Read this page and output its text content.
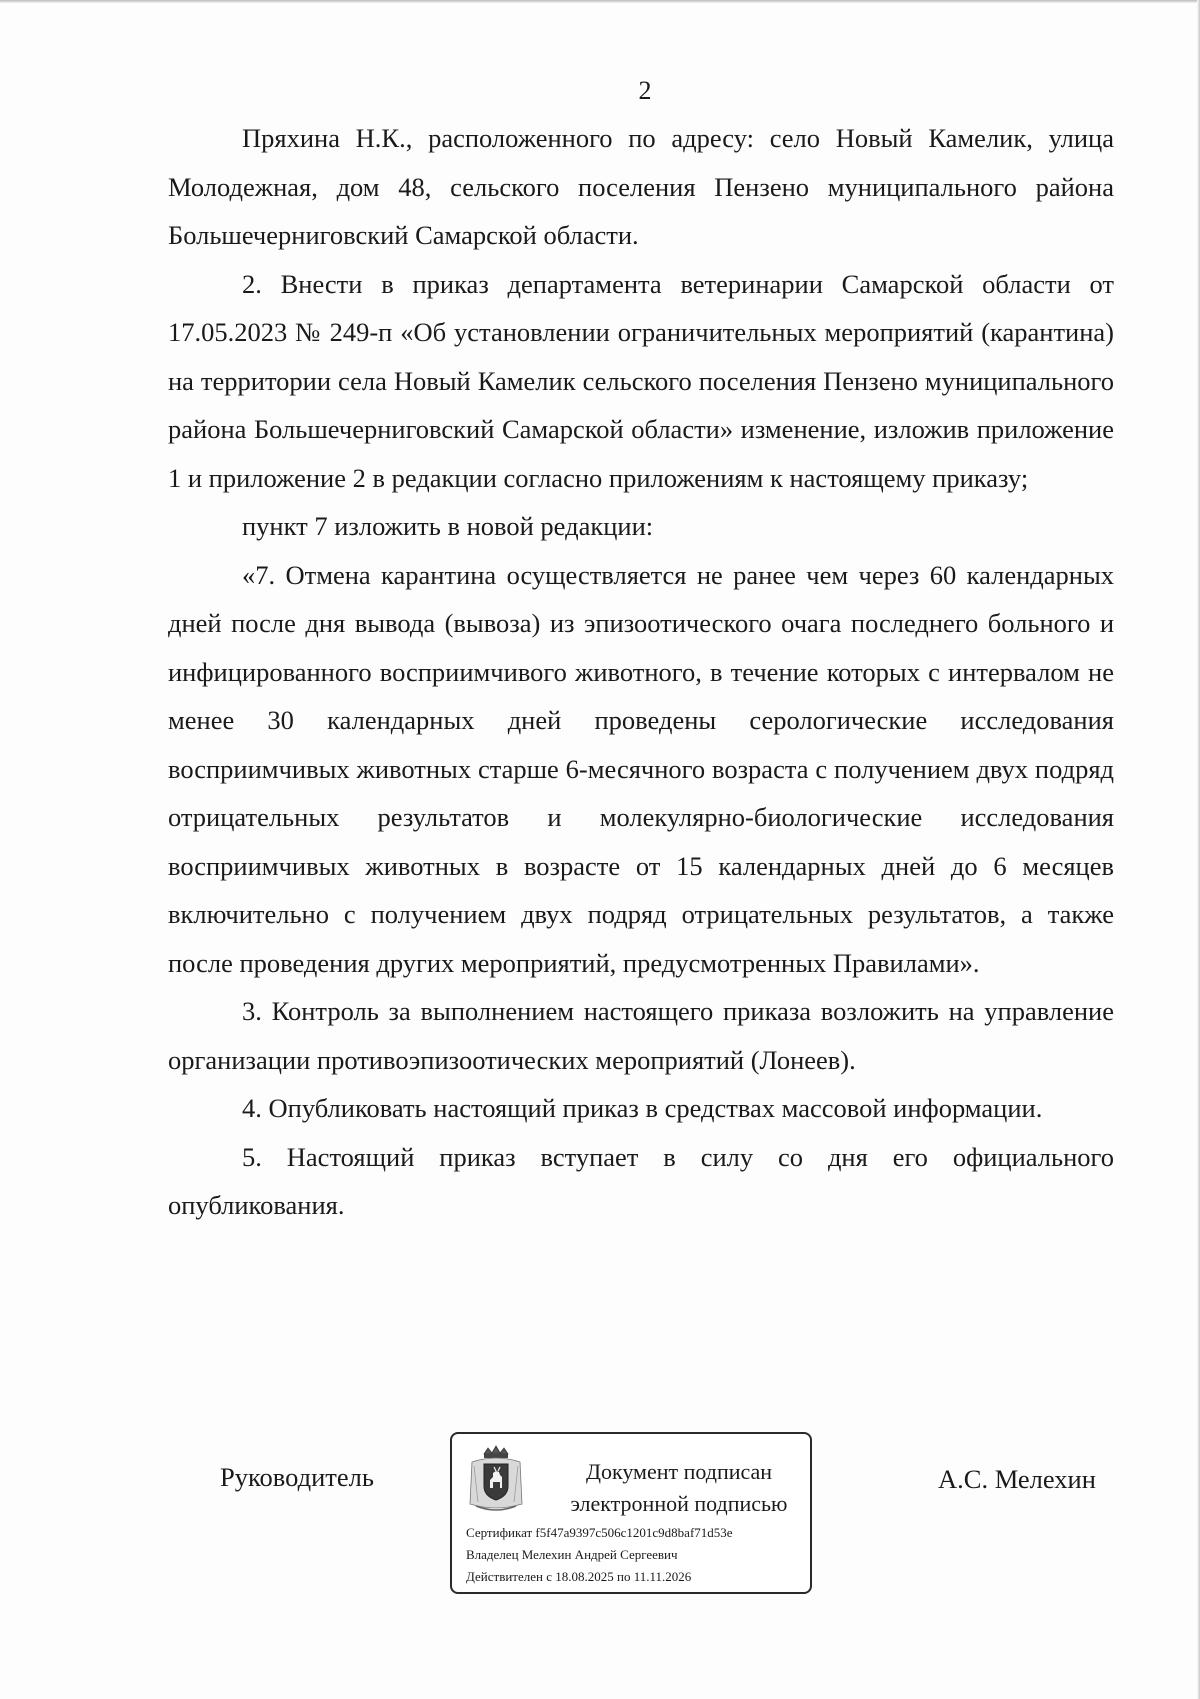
2

Пряхина Н.К., расположенного по адресу: село Новый Камелик, улица Молодежная, дом 48, сельского поселения Пензено муниципального района Большечерниговский Самарской области.

2. Внести в приказ департамента ветеринарии Самарской области от 17.05.2023 № 249-п «Об установлении ограничительных мероприятий (карантина) на территории села Новый Камелик сельского поселения Пензено муниципального района Большечерниговский Самарской области» изменение, изложив приложение 1 и приложение 2 в редакции согласно приложениям к настоящему приказу;

пункт 7 изложить в новой редакции:

«7. Отмена карантина осуществляется не ранее чем через 60 календарных дней после дня вывода (вывоза) из эпизоотического очага последнего больного и инфицированного восприимчивого животного, в течение которых с интервалом не менее 30 календарных дней проведены серологические исследования восприимчивых животных старше 6-месячного возраста с получением двух подряд отрицательных результатов и молекулярно-биологические исследования восприимчивых животных в возрасте от 15 календарных дней до 6 месяцев включительно с получением двух подряд отрицательных результатов, а также после проведения других мероприятий, предусмотренных Правилами».

3. Контроль за выполнением настоящего приказа возложить на управление организации противоэпизоотических мероприятий (Лонеев).

4. Опубликовать настоящий приказ в средствах массовой информации.

5. Настоящий приказ вступает в силу со дня его официального опубликования.

Руководитель	Документ подписан
электронной подписью
Сертификат f5f47a9397c506c1201c9d8baf71d53e
Владелец Мелехин Андрей Сергеевич
Действителен с 18.08.2025 по 11.11.2026
А.С. Мелехин
